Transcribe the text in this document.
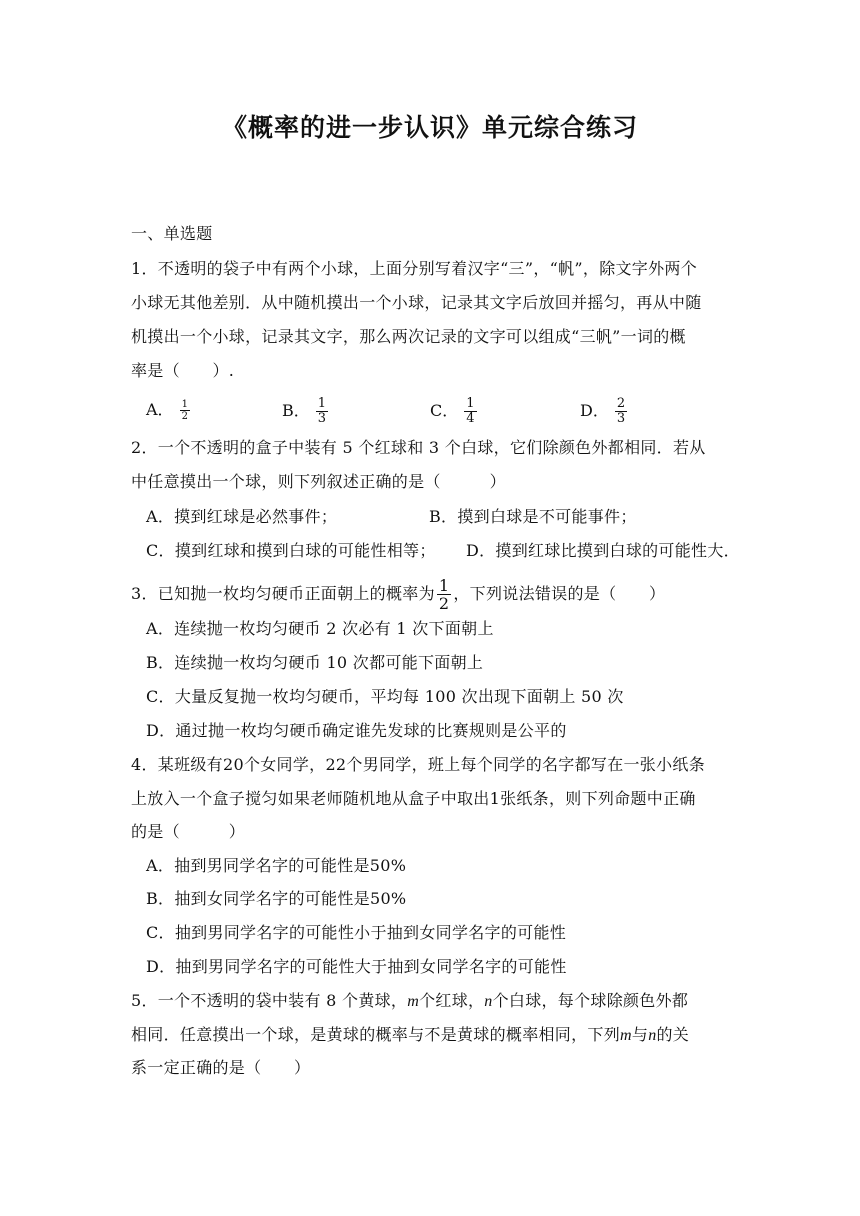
《概率的进一步认识》单元综合练习
一、单选题
1．不透明的袋子中有两个小球，上面分别写着汉字“三”，“帆”，除文字外两个
小球无其他差别．从中随机摸出一个小球，记录其文字后放回并摇匀，再从中随
机摸出一个小球，记录其文字，那么两次记录的文字可以组成“三帆”一词的概
率是（　　）.
A． $\frac{1}{2}$	B． $\frac{1}{3}$	C． $\frac{1}{4}$	D． $\frac{2}{3}$
2．一个不透明的盒子中装有 5 个红球和 3 个白球，它们除颜色外都相同．若从
中任意摸出一个球，则下列叙述正确的是（　　　）
A．摸到红球是必然事件；	B．摸到白球是不可能事件；
C．摸到红球和摸到白球的可能性相等； D．摸到红球比摸到白球的可能性大．
3．已知抛一枚均匀硬币正面朝上的概率为 $\frac{1}{2}$ ，下列说法错误的是（　　）
A．连续抛一枚均匀硬币 2 次必有 1 次下面朝上
B．连续抛一枚均匀硬币 10 次都可能下面朝上
C．大量反复抛一枚均匀硬币，平均每 100 次出现下面朝上 50 次
D．通过抛一枚均匀硬币确定谁先发球的比赛规则是公平的
4．某班级有20个女同学，22个男同学，班上每个同学的名字都写在一张小纸条
上放入一个盒子搅匀如果老师随机地从盒子中取出1张纸条，则下列命题中正确
的是（　　　）
A．抽到男同学名字的可能性是50%
B．抽到女同学名字的可能性是50%
C．抽到男同学名字的可能性小于抽到女同学名字的可能性
D．抽到男同学名字的可能性大于抽到女同学名字的可能性
5．一个不透明的袋中装有 8 个黄球，m个红球，n个白球，每个球除颜色外都
相同．任意摸出一个球，是黄球的概率与不是黄球的概率相同，下列m与n的关
系一定正确的是（　　）
